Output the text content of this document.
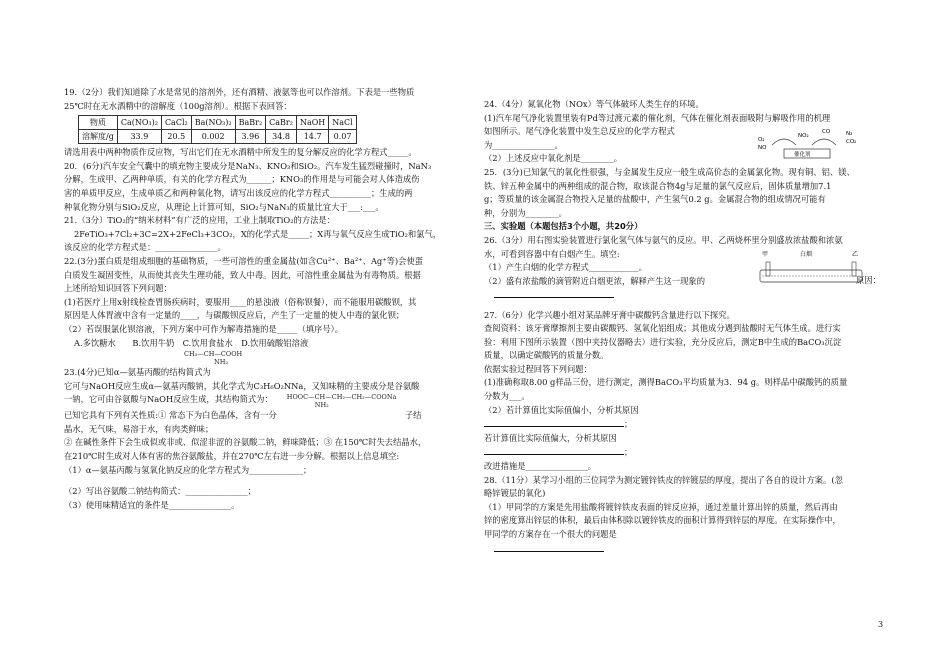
19.（2分）我们知道除了水是常见的溶剂外，还有酒精、液氨等也可以作溶剂。下表是一些物质

25℃时在无水酒精中的溶解度（100g溶剂）。根据下表回答：

物质	Ca(NO₃)₂	CaCl₂	Ba(NO₃)₂	BaBr₂	CaBr₂	NaOH	NaCl
溶解度/g	33.9	20.5	0.002	3.96	34.8	14.7	0.07

请选用表中两种物质作反应物，写出它们在无水酒精中所发生的复分解反应的化学方程式_____。

20．(6分)汽车安全气囊中的填充物主要成分是NaN₃、KNO₃和SiO₂。汽车发生猛烈碰撞时，NaN₃

分解，生成甲、乙两种单质，有关的化学方程式为______；KNO₃的作用是与可能会对人体造成伤

害的单质甲反应，生成单质乙和两种氧化物，请写出该反应的化学方程式__________；生成的两

种氧化物分别与SiO₂反应，从理论上计算可知，SiO₂与NaN₃的质量比宜大于___:___。

21.（3分）TiO₂的“纳米材料”有广泛的应用，工业上制取TiO₂的方法是：

2FeTiO₃+7Cl₂+3C=2X+2FeCl₃+3CO₂，X的化学式是_____；X再与氧气反应生成TiO₂和氯气，

该反应的化学方程式是：_______________。

22.(3分)蛋白质是组成细胞的基础物质，一些可溶性的重金属盐(如含Cu²⁺、Ba²⁺、Ag⁺等)会使蛋

白质发生凝固变性，从而使其丧失生理功能，致人中毒。因此，可溶性重金属盐为有毒物质。根据

上述所给知识回答下列问题：

(1)若医疗上用x射线检查胃肠疾病时，要服用____的悬浊液（俗称钡餐），而不能服用碳酸钡，其

原因是人体胃液中含有一定量的____，与碳酸钡反应后，产生了一定量的使人中毒的氯化钡；

（2）若误服氯化钡溶液，下列方案中可作为解毒措施的是_____（填序号）。

A.多饮糖水　　B.饮用牛奶　C.饮用食盐水　D.饮用硫酸铝溶液

CH₃—CH—COOH
NH₂

23.(4分)已知α—氨基丙酸的结构简式为

它可与NaOH反应生成α—氨基丙酸钠，其化学式为C₃H₆O₂NNa，又知味精的主要成分是谷氨酸

一钠，它可由谷氨酸与NaOH反应生成，其结构简式为： HOOC—CH—CH₂—CH₂—COONa
NH₂

已知它具有下列有关性质:① 常态下为白色晶体，含有一分	子结

晶水，无气味，易溶于水，有肉类鲜味；

② 在碱性条件下会生成似或非或、似涩非涩的谷氨酸二钠，鲜味降低；③ 在150℃时失去结晶水，

在210℃时生成对人体有害的焦谷氨酸盐，并在270℃左右进一步分解。根据以上信息填空:

（1）α—氨基丙酸与氢氧化钠反应的化学方程式为_____________；

（2）写出谷氨酸二钠结构简式：_______________；

（3）使用味精适宜的条件是_______________。

24.（4分）氮氧化物（NOx）等气体破坏人类生存的环境。

(1)汽车尾气净化装置里装有Pd等过渡元素的催化剂，气体在催化剂表面吸附与解吸作用的机理

如图所示。尾气净化装置中发生总反应的化学方程式

为_______________。

（2）上述反应中氧化剂是________。	催化剂
O₂
NO
NO₂
CO	N₂
CO₂

25．(3分)已知氯气的氧化性很强，与金属发生反应一般生成高价态的金属氯化物。现有铜、铝、镁、

铁、锌五种金属中的两种组成的混合物，取该混合物4g与足量的氯气反应后，固体质量增加7.1

g；等质量的该金属混合物投入足量的盐酸中，产生氢气0.2 g。金属混合物的组成情况可能有

种，分别为________。

三、实验题（本题包括3个小题，共20分）

26.（3分）用右图实验装置进行氯化氢气体与氨气的反应。甲、乙两烧杯里分别盛放浓盐酸和浓氨

水，可看到容器中有白烟产生。填空:

（1）产生白烟的化学方程式____________。

（2）盛有浓盐酸的滴管附近白烟更浓，解释产生这一现象的

甲	白烟	乙

原因：

27.（6分）化学兴趣小组对某品牌牙膏中碳酸钙含量进行以下探究。

查阅资料：该牙膏摩擦剂主要由碳酸钙、氢氧化铝组成；其他成分遇到盐酸时无气体生成。进行实

验：利用下图所示装置（图中夹持仪器略去）进行实验，充分反应后，测定B中生成的BaCO₃沉淀

质量，以确定碳酸钙的质量分数。

依据实验过程回答下列问题：

(1)准确称取8.00 g样品三份，进行测定，测得BaCO₃平均质量为3．94 g。则样品中碳酸钙的质量

分数为___。

（2）若计算值比实际值偏小，分析其原因

；

若计算值比实际值偏大，分析其原因

；

改进措施是_______________。

28.（11分）某学习小组的三位同学为测定镀锌铁皮的锌镀层的厚度，提出了各自的设计方案。(忽

略锌镀层的氧化)

（1）甲同学的方案是先用盐酸将镀锌铁皮表面的锌反应掉，通过差量计算出锌的质量，然后再由

锌的密度算出锌层的体积，最后由体积除以镀锌铁皮的面积计算得到锌层的厚度。在实际操作中，

甲同学的方案存在一个很大的问题是

3
